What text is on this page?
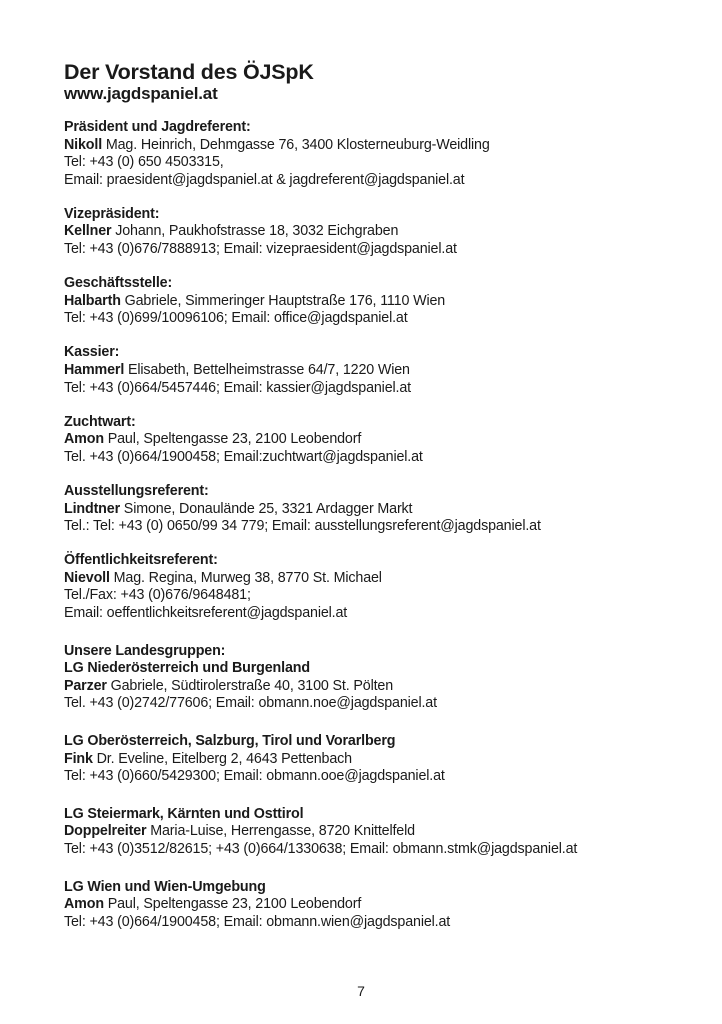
Der Vorstand des ÖJSpK
www.jagdspaniel.at
Präsident und Jagdreferent:
Nikoll Mag. Heinrich, Dehmgasse 76, 3400 Klosterneuburg-Weidling
Tel: +43 (0) 650 4503315,
Email: praesident@jagdspaniel.at & jagdreferent@jagdspaniel.at
Vizepräsident:
Kellner Johann, Paukhofstrasse 18, 3032 Eichgraben
Tel: +43 (0)676/7888913; Email: vizepraesident@jagdspaniel.at
Geschäftsstelle:
Halbarth Gabriele, Simmeringer Hauptstraße 176, 1110 Wien
Tel: +43 (0)699/10096106; Email: office@jagdspaniel.at
Kassier:
Hammerl Elisabeth, Bettelheimstrasse 64/7, 1220 Wien
Tel: +43 (0)664/5457446; Email: kassier@jagdspaniel.at
Zuchtwart:
Amon Paul, Speltengasse 23, 2100 Leobendorf
Tel. +43 (0)664/1900458; Email:zuchtwart@jagdspaniel.at
Ausstellungsreferent:
Lindtner Simone, Donaulände 25, 3321 Ardagger Markt
Tel.: Tel: +43 (0) 0650/99 34 779; Email: ausstellungsreferent@jagdspaniel.at
Öffentlichkeitsreferent:
Nievoll Mag. Regina, Murweg 38, 8770 St. Michael
Tel./Fax: +43 (0)676/9648481;
Email: oeffentlichkeitsreferent@jagdspaniel.at
Unsere Landesgruppen:
LG Niederösterreich und Burgenland
Parzer Gabriele, Südtirolerstraße 40, 3100 St. Pölten
Tel. +43 (0)2742/77606; Email: obmann.noe@jagdspaniel.at
LG Oberösterreich, Salzburg, Tirol und Vorarlberg
Fink Dr. Eveline, Eitelberg 2, 4643 Pettenbach
Tel: +43 (0)660/5429300; Email: obmann.ooe@jagdspaniel.at
LG Steiermark, Kärnten und Osttirol
Doppelreiter Maria-Luise, Herrengasse, 8720 Knittelfeld
Tel: +43 (0)3512/82615; +43 (0)664/1330638; Email: obmann.stmk@jagdspaniel.at
LG Wien und Wien-Umgebung
Amon Paul, Speltengasse 23, 2100 Leobendorf
Tel: +43 (0)664/1900458; Email: obmann.wien@jagdspaniel.at
7
